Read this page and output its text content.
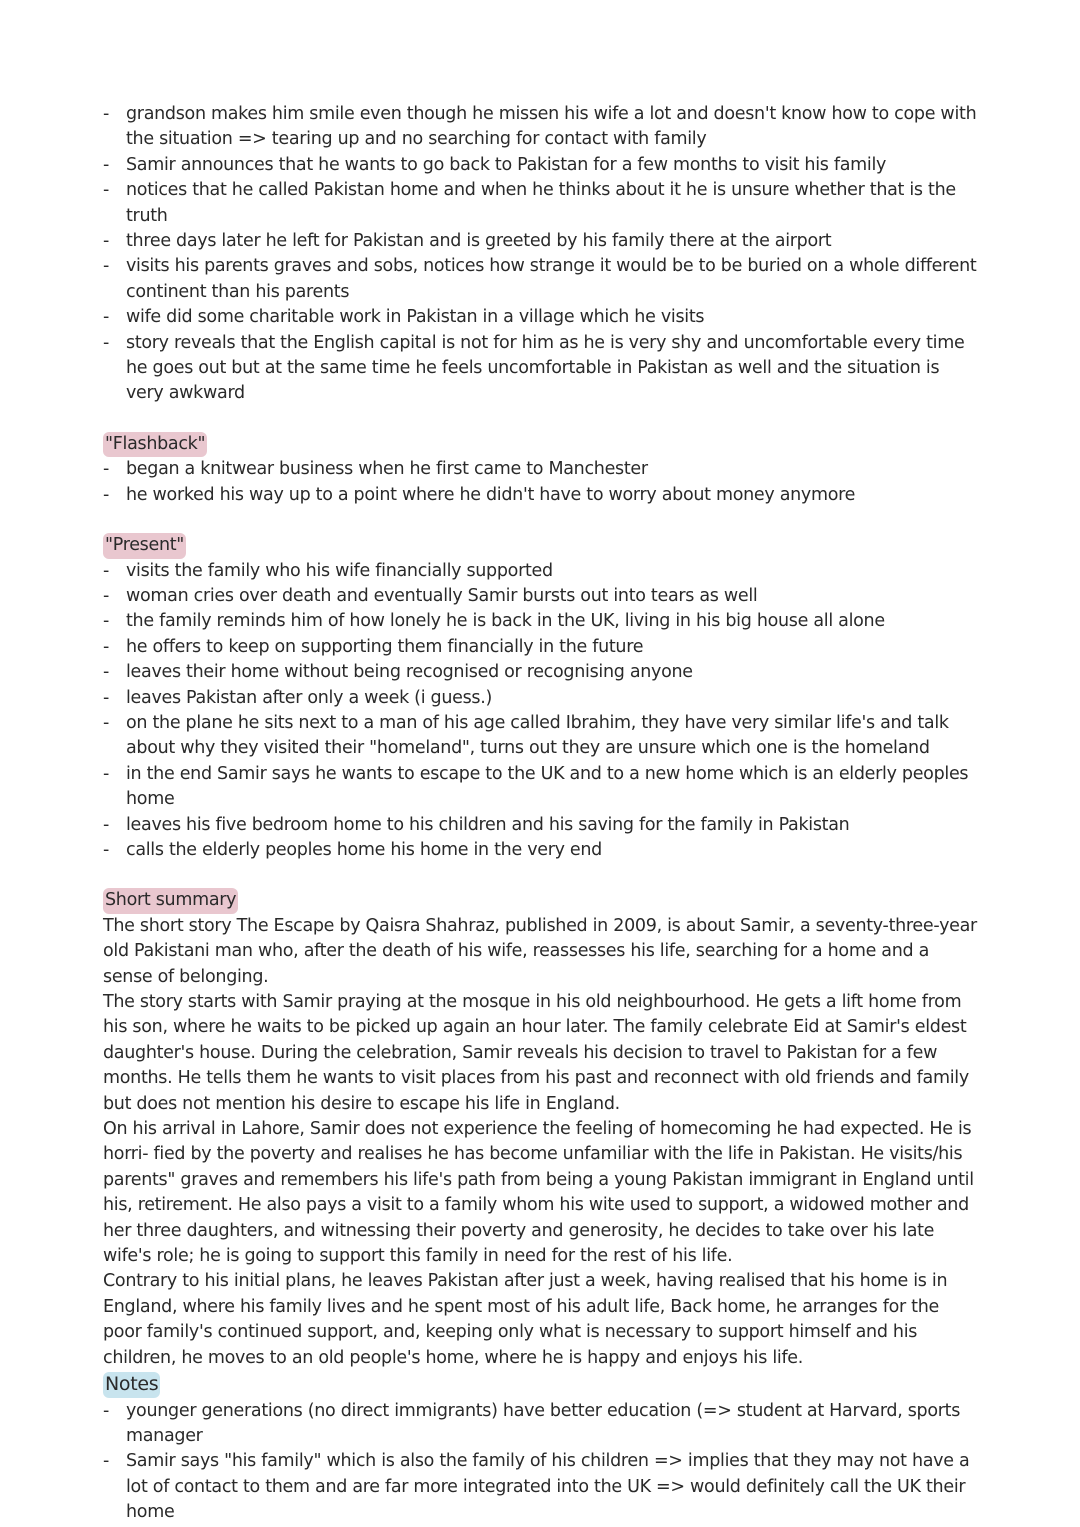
- grandson makes him smile even though he missen his wife a lot and doesn't know how to cope with the situation => tearing up and no searching for contact with family
- Samir announces that he wants to go back to Pakistan for a few months to visit his family
- notices that he called Pakistan home and when he thinks about it he is unsure whether that is the truth
- three days later he left for Pakistan and is greeted by his family there at the airport
- visits his parents graves and sobs, notices how strange it would be to be buried on a whole different continent than his parents
- wife did some charitable work in Pakistan in a village which he visits
- story reveals that the English capital is not for him as he is very shy and uncomfortable every time he goes out but at the same time he feels uncomfortable in Pakistan as well and the situation is very awkward
"Flashback"
- began a knitwear business when he first came to Manchester
- he worked his way up to a point where he didn't have to worry about money anymore
"Present"
- visits the family who his wife financially supported
- woman cries over death and eventually Samir bursts out into tears as well
- the family reminds him of how lonely he is back in the UK, living in his big house all alone
- he offers to keep on supporting them financially in the future
- leaves their home without being recognised or recognising anyone
- leaves Pakistan after only a week (i guess.)
- on the plane he sits next to a man of his age called Ibrahim, they have very similar life's and talk about why they visited their "homeland", turns out they are unsure which one is the homeland
- in the end Samir says he wants to escape to the UK and to a new home which is an elderly peoples home
- leaves his five bedroom home to his children and his saving for the family in Pakistan
- calls the elderly peoples home his home in the very end
Short summary

The short story The Escape by Qaisra Shahraz, published in 2009, is about Samir, a seventy-three-year old Pakistani man who, after the death of his wife, reassesses his life, searching for a home and a sense of belonging.

The story starts with Samir praying at the mosque in his old neighbourhood. He gets a lift home from his son, where he waits to be picked up again an hour later. The family celebrate Eid at Samir's eldest daughter's house. During the celebration, Samir reveals his decision to travel to Pakistan for a few months. He tells them he wants to visit places from his past and reconnect with old friends and family but does not mention his desire to escape his life in England.

On his arrival in Lahore, Samir does not experience the feeling of homecoming he had expected. He is horri- fied by the poverty and realises he has become unfamiliar with the life in Pakistan. He visits/his parents" graves and remembers his life's path from being a young Pakistan immigrant in England until his, retirement. He also pays a visit to a family whom his wite used to support, a widowed mother and her three daughters, and witnessing their poverty and generosity, he decides to take over his late wife's role; he is going to support this family in need for the rest of his life.

Contrary to his initial plans, he leaves Pakistan after just a week, having realised that his home is in England, where his family lives and he spent most of his adult life, Back home, he arranges for the poor family's continued support, and, keeping only what is necessary to support himself and his children, he moves to an old people's home, where he is happy and enjoys his life.

Notes
- younger generations (no direct immigrants) have better education (=> student at Harvard, sports manager
- Samir says "his family" which is also the family of his children => implies that they may not have a lot of contact to them and are far more integrated into the UK => would definitely call the UK their home
